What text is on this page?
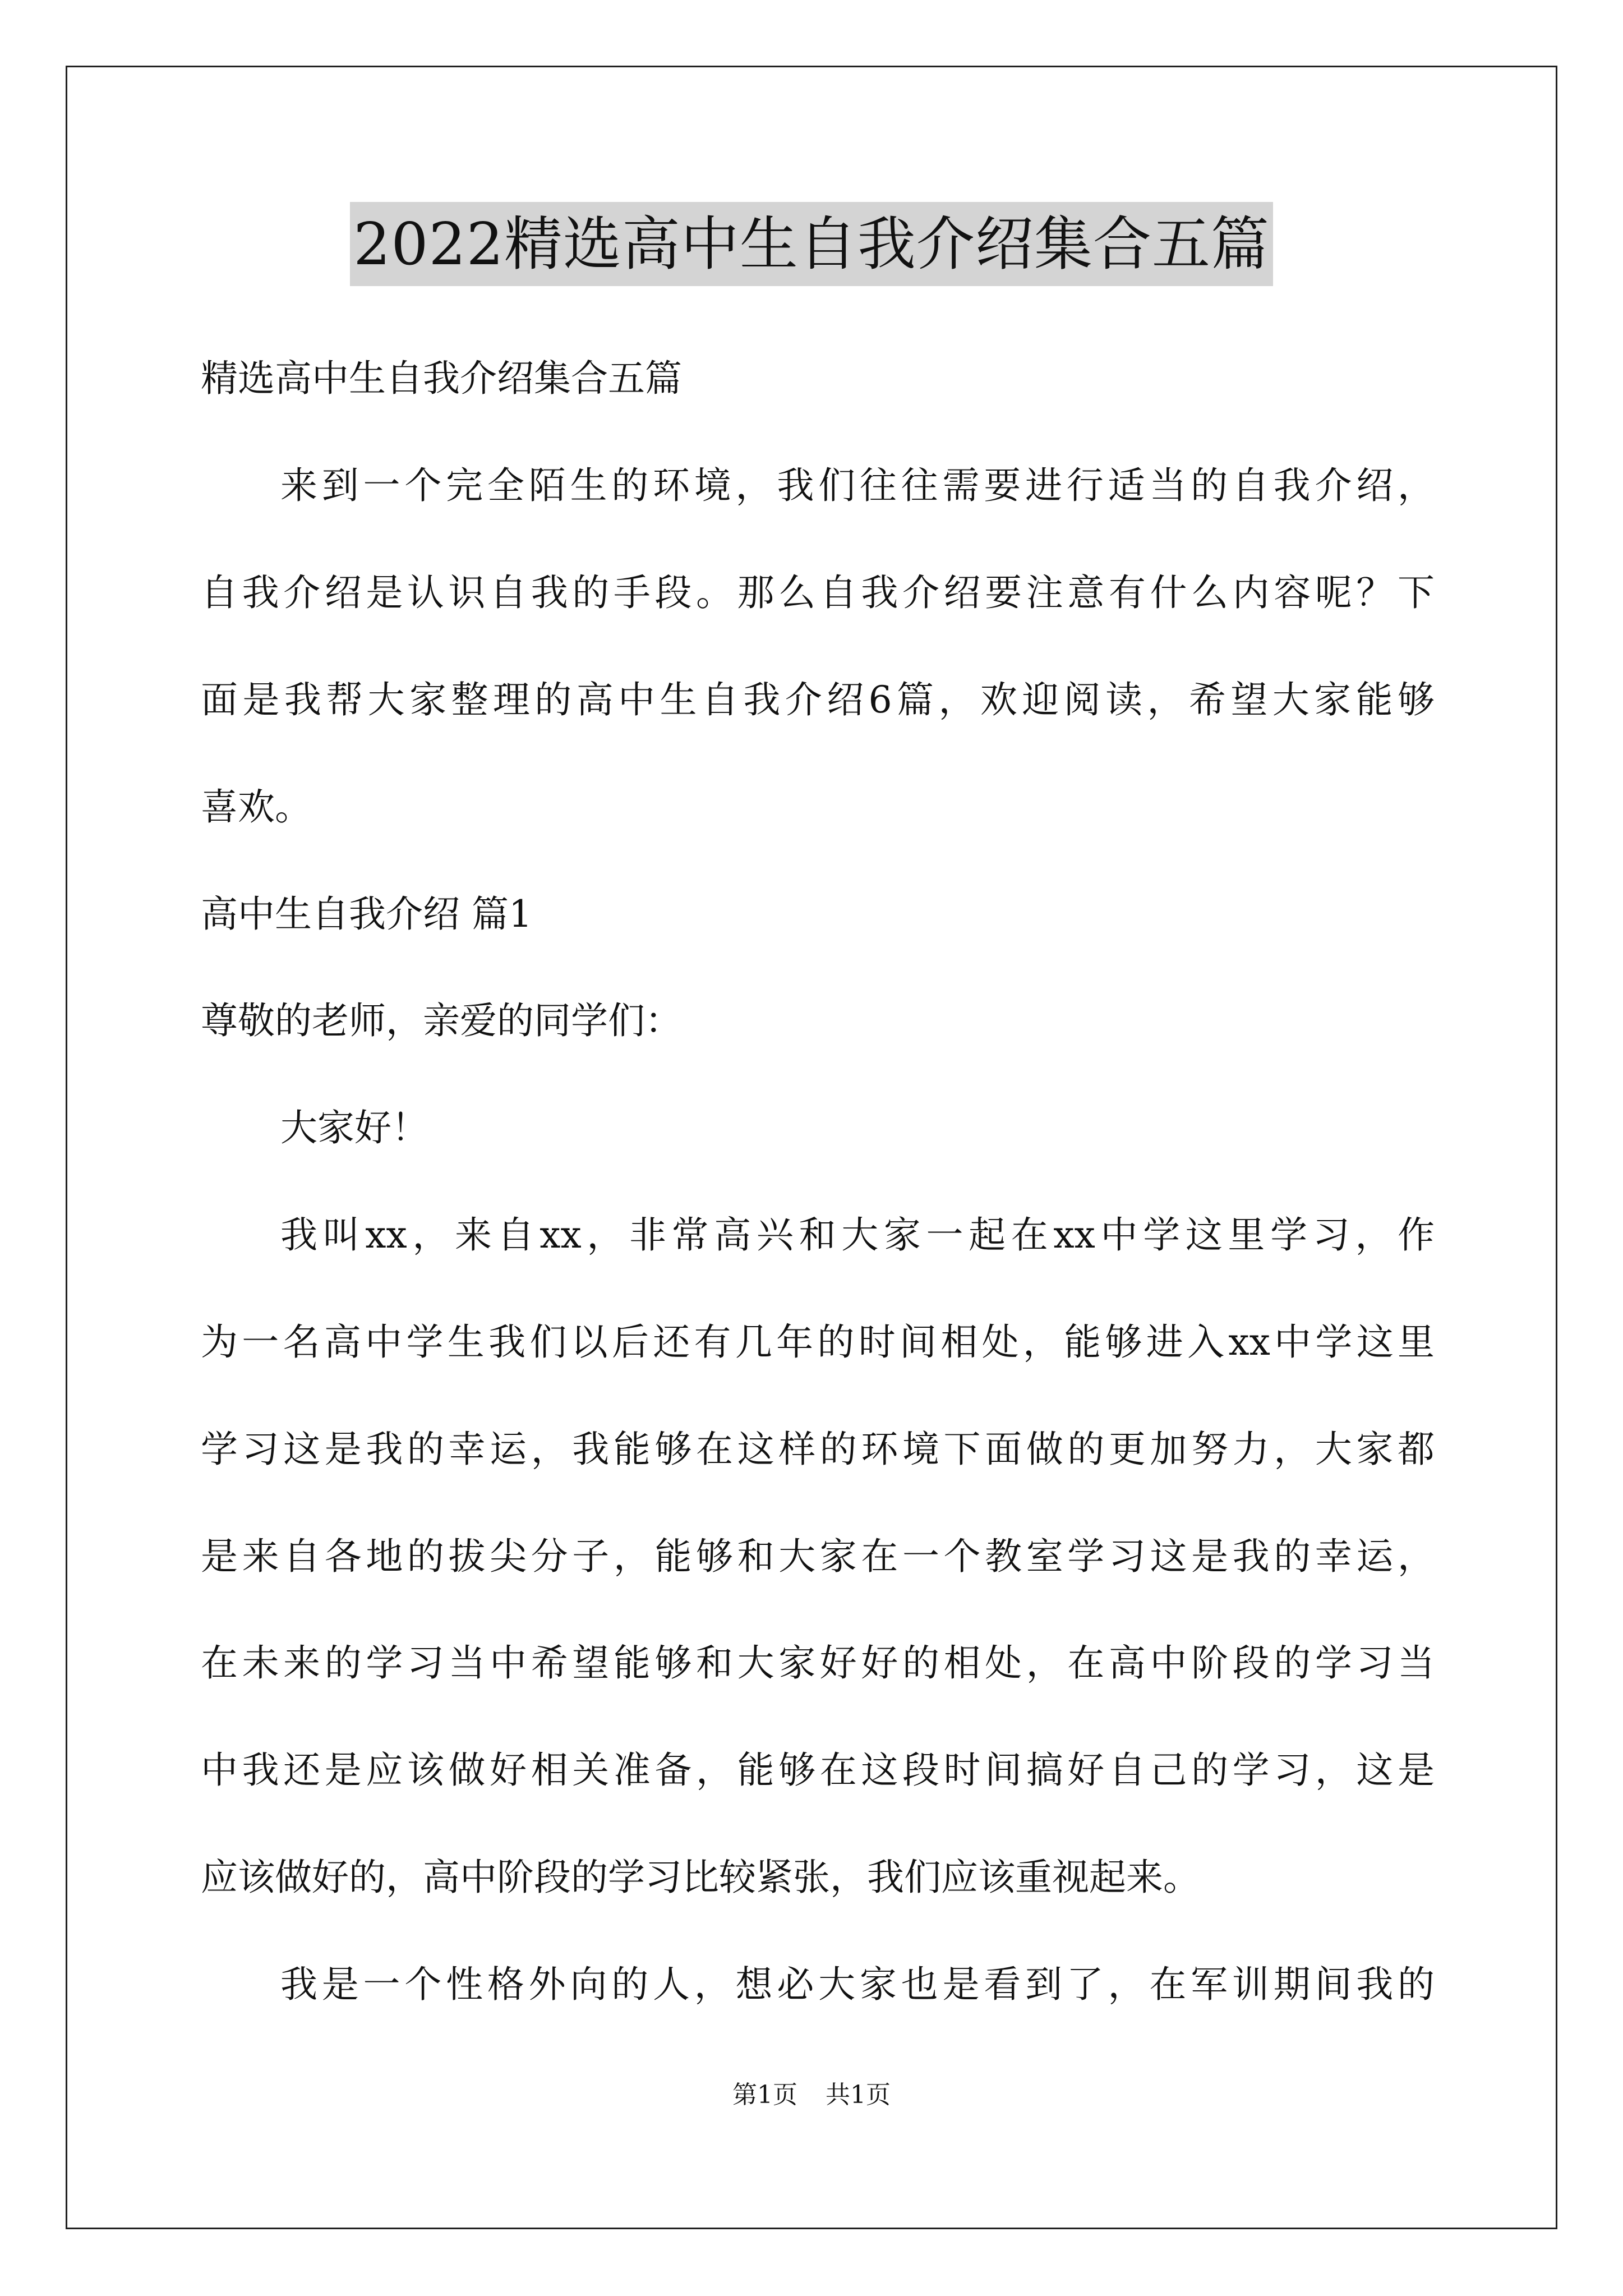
2022精选高中生自我介绍集合五篇
精选高中生自我介绍集合五篇
来到一个完全陌生的环境，我们往往需要进行适当的自我介绍，
自我介绍是认识自我的手段。那么自我介绍要注意有什么内容呢？下
面是我帮大家整理的高中生自我介绍6篇，欢迎阅读，希望大家能够
喜欢。
高中生自我介绍 篇1
尊敬的老师，亲爱的同学们：
大家好！
我叫xx，来自xx，非常高兴和大家一起在xx中学这里学习，作
为一名高中学生我们以后还有几年的时间相处，能够进入xx中学这里
学习这是我的幸运，我能够在这样的环境下面做的更加努力，大家都
是来自各地的拔尖分子，能够和大家在一个教室学习这是我的幸运，
在未来的学习当中希望能够和大家好好的相处，在高中阶段的学习当
中我还是应该做好相关准备，能够在这段时间搞好自己的学习，这是
应该做好的，高中阶段的学习比较紧张，我们应该重视起来。
我是一个性格外向的人，想必大家也是看到了，在军训期间我的
第1页 共1页
